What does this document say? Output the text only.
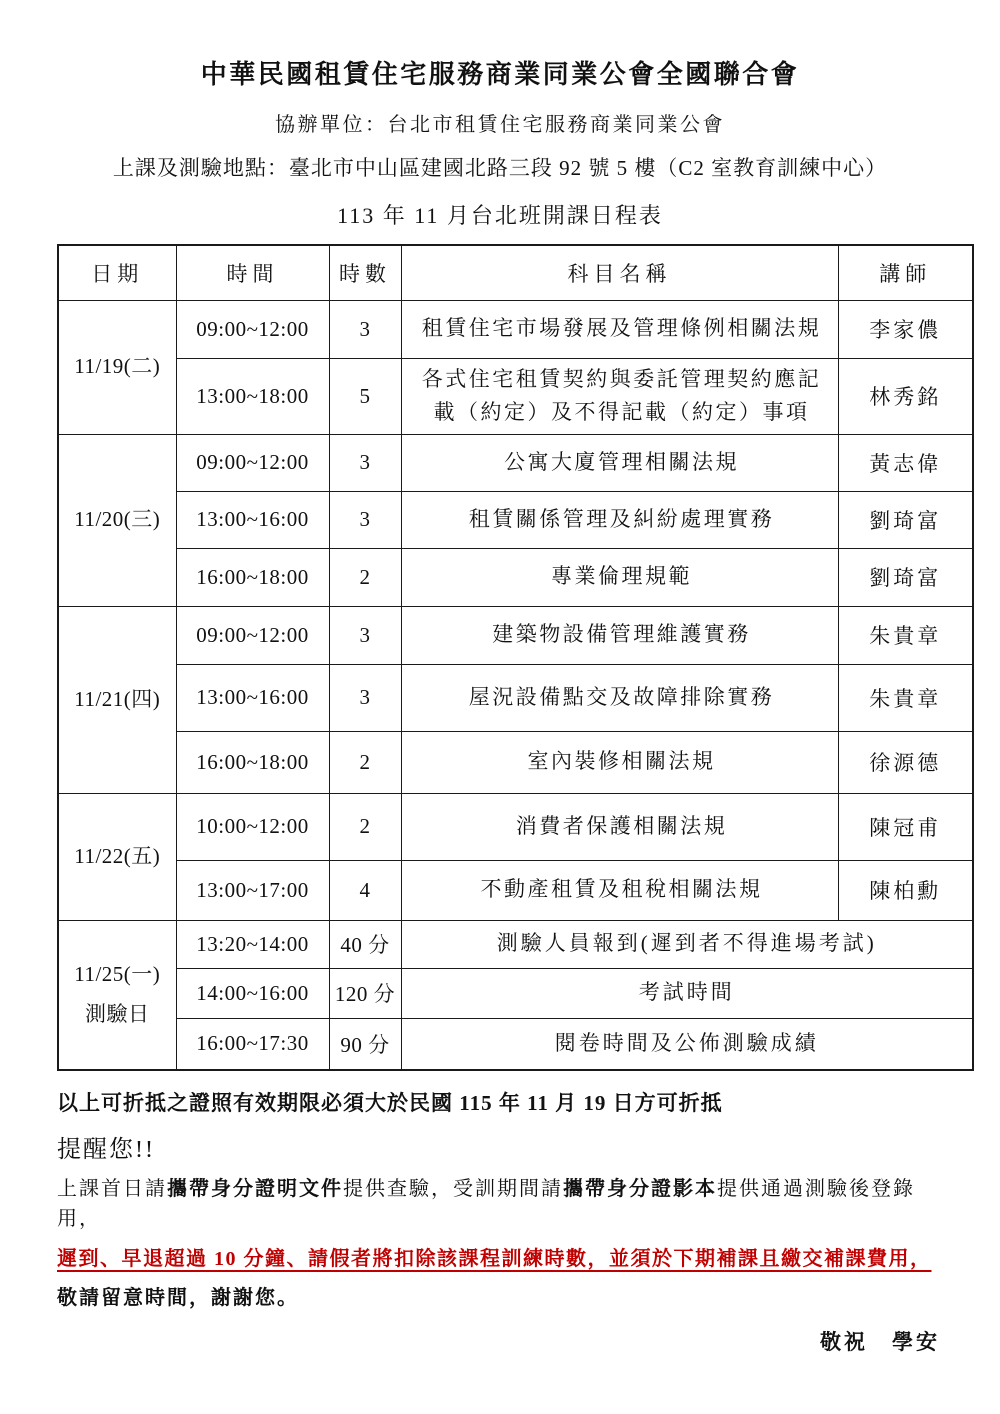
中華民國租賃住宅服務商業同業公會全國聯合會
協辦單位：台北市租賃住宅服務商業同業公會
上課及測驗地點：臺北市中山區建國北路三段 92 號 5 樓（C2 室教育訓練中心）
113 年 11 月台北班開課日程表
日期	時間	時數	科目名稱	講師
11/19(二)	09:00~12:00	3	租賃住宅市場發展及管理條例相關法規	李家儂
	13:00~18:00	5	各式住宅租賃契約與委託管理契約應記載（約定）及不得記載（約定）事項	林秀銘
11/20(三)	09:00~12:00	3	公寓大廈管理相關法規	黃志偉
	13:00~16:00	3	租賃關係管理及糾紛處理實務	劉琦富
	16:00~18:00	2	專業倫理規範	劉琦富
11/21(四)	09:00~12:00	3	建築物設備管理維護實務	朱貴章
	13:00~16:00	3	屋況設備點交及故障排除實務	朱貴章
	16:00~18:00	2	室內裝修相關法規	徐源德
11/22(五)	10:00~12:00	2	消費者保護相關法規	陳冠甫
	13:00~17:00	4	不動產租賃及租稅相關法規	陳柏勳

11/25(一)
測驗日	13:20~14:00	40 分	測驗人員報到(遲到者不得進場考試)	
	14:00~16:00	120 分	考試時間	
	16:00~17:30	90 分	閱卷時間及公佈測驗成績	
以上可折抵之證照有效期限必須大於民國 115 年 11 月 19 日方可折抵
提醒您!!
上課首日請攜帶身分證明文件提供查驗，受訓期間請攜帶身分證影本提供通過測驗後登錄用，
遲到、早退超過 10 分鐘、請假者將扣除該課程訓練時數，並須於下期補課且繳交補課費用，
敬請留意時間，謝謝您。
敬祝　學安
